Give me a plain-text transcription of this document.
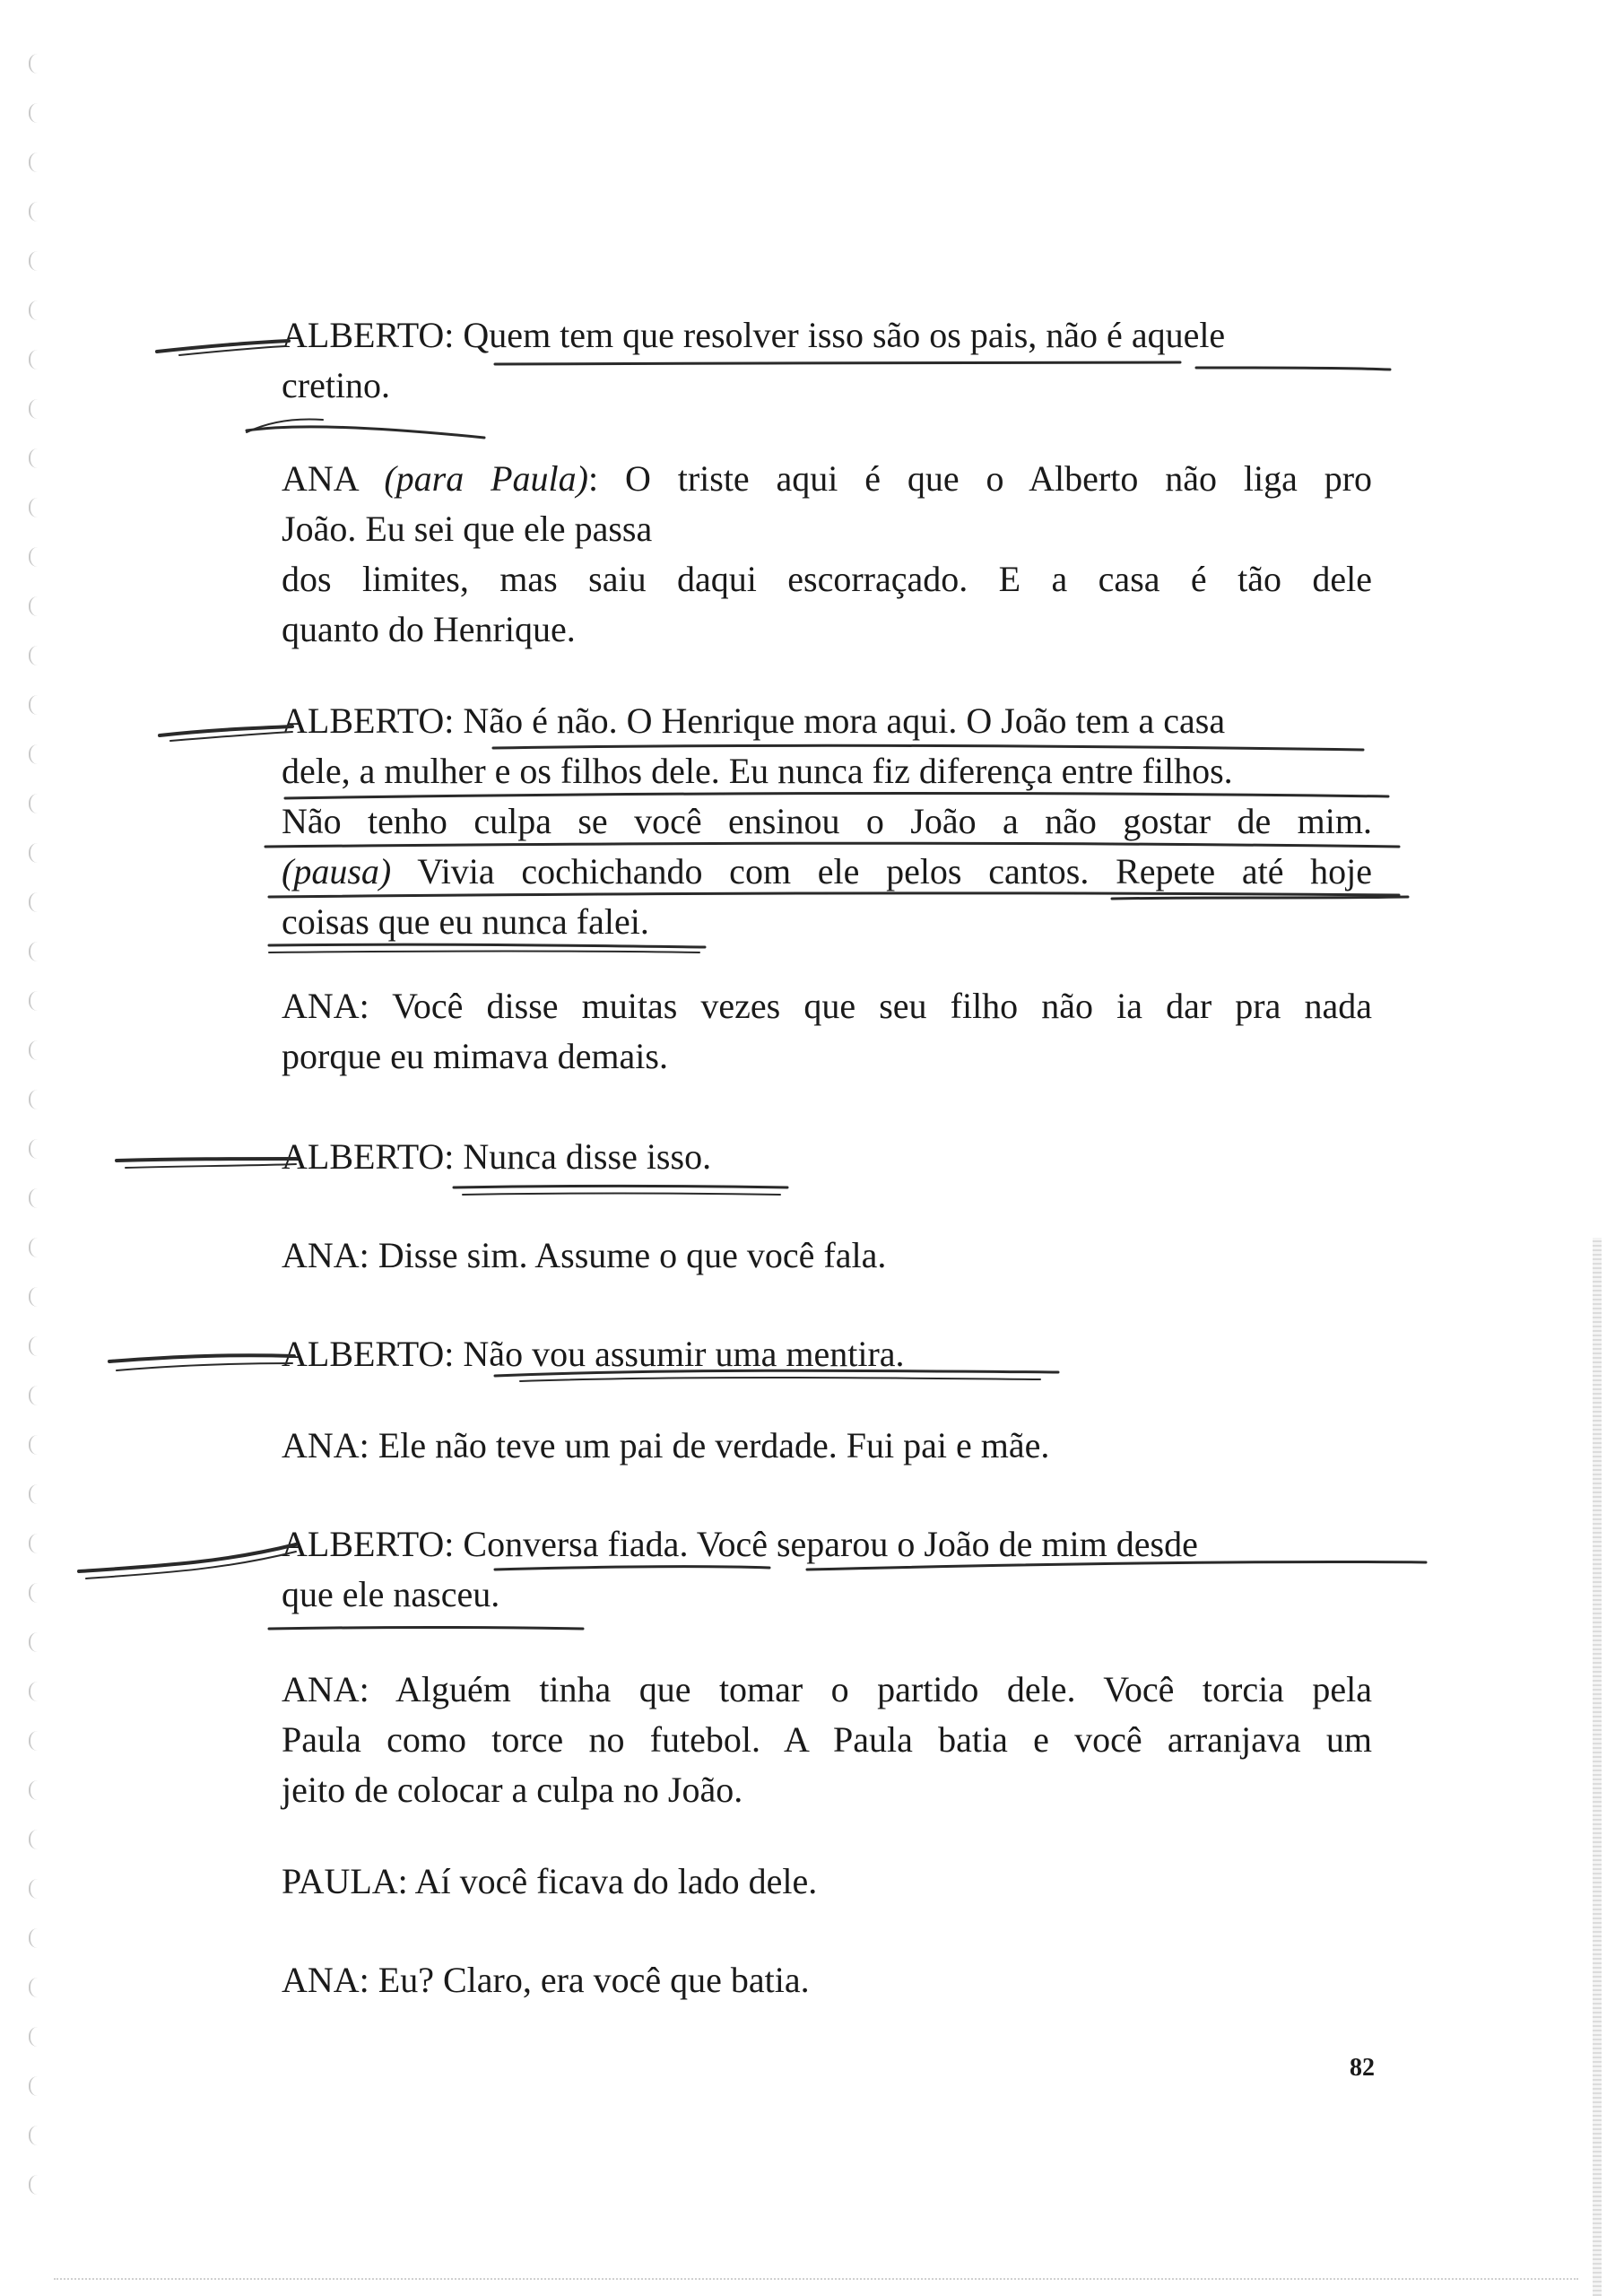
ALBERTO: Quem tem que resolver isso são os pais, não é aquele
cretino.
ANA (para Paula): O triste aqui é que o Alberto não liga pro
João. Eu sei que ele passa
dos limites, mas saiu daqui escorraçado. E a casa é tão dele
quanto do Henrique.
ALBERTO: Não é não. O Henrique mora aqui. O João tem a casa
dele, a mulher e os filhos dele. Eu nunca fiz diferença entre filhos.
Não tenho culpa se você ensinou o João a não gostar de mim.
(pausa) Vivia cochichando com ele pelos cantos. Repete até hoje
coisas que eu nunca falei.
ANA: Você disse muitas vezes que seu filho não ia dar pra nada
porque eu mimava demais.
ALBERTO: Nunca disse isso.
ANA: Disse sim. Assume o que você fala.
ALBERTO: Não vou assumir uma mentira.
ANA: Ele não teve um pai de verdade. Fui pai e mãe.
ALBERTO: Conversa fiada. Você separou o João de mim desde
que ele nasceu.
ANA: Alguém tinha que tomar o partido dele. Você torcia pela
Paula como torce no futebol. A Paula batia e você arranjava um
jeito de colocar a culpa no João.
PAULA: Aí você ficava do lado dele.
ANA: Eu? Claro, era você que batia.
82
